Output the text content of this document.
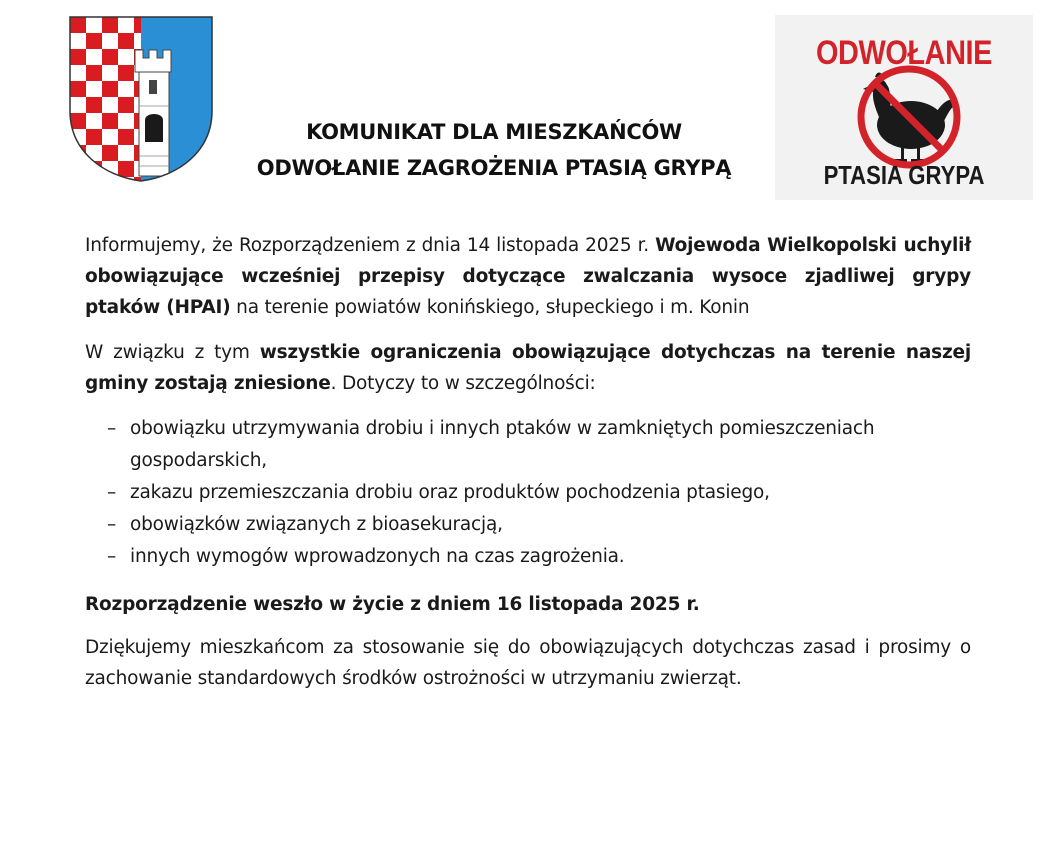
KOMUNIKAT DLA MIESZKAŃCÓW
ODWOŁANIE ZAGROŻENIA PTASIĄ GRYPĄ
ODWOŁANIE
PTASIA GRYPA

Informujemy, że Rozporządzeniem z dnia 14 listopada 2025 r. Wojewoda Wielkopolski uchylił obowiązujące wcześniej przepisy dotyczące zwalczania wysoce zjadliwej grypy ptaków (HPAI) na terenie powiatów konińskiego, słupeckiego i m. Konin

W związku z tym wszystkie ograniczenia obowiązujące dotychczas na terenie naszej gminy zostają zniesione. Dotyczy to w szczególności:

– obowiązku utrzymywania drobiu i innych ptaków w zamkniętych pomieszczeniach gospodarskich,
– zakazu przemieszczania drobiu oraz produktów pochodzenia ptasiego,
– obowiązków związanych z bioasekuracją,
– innych wymogów wprowadzonych na czas zagrożenia.

Rozporządzenie weszło w życie z dniem 16 listopada 2025 r.

Dziękujemy mieszkańcom za stosowanie się do obowiązujących dotychczas zasad i prosimy o zachowanie standardowych środków ostrożności w utrzymaniu zwierząt.
